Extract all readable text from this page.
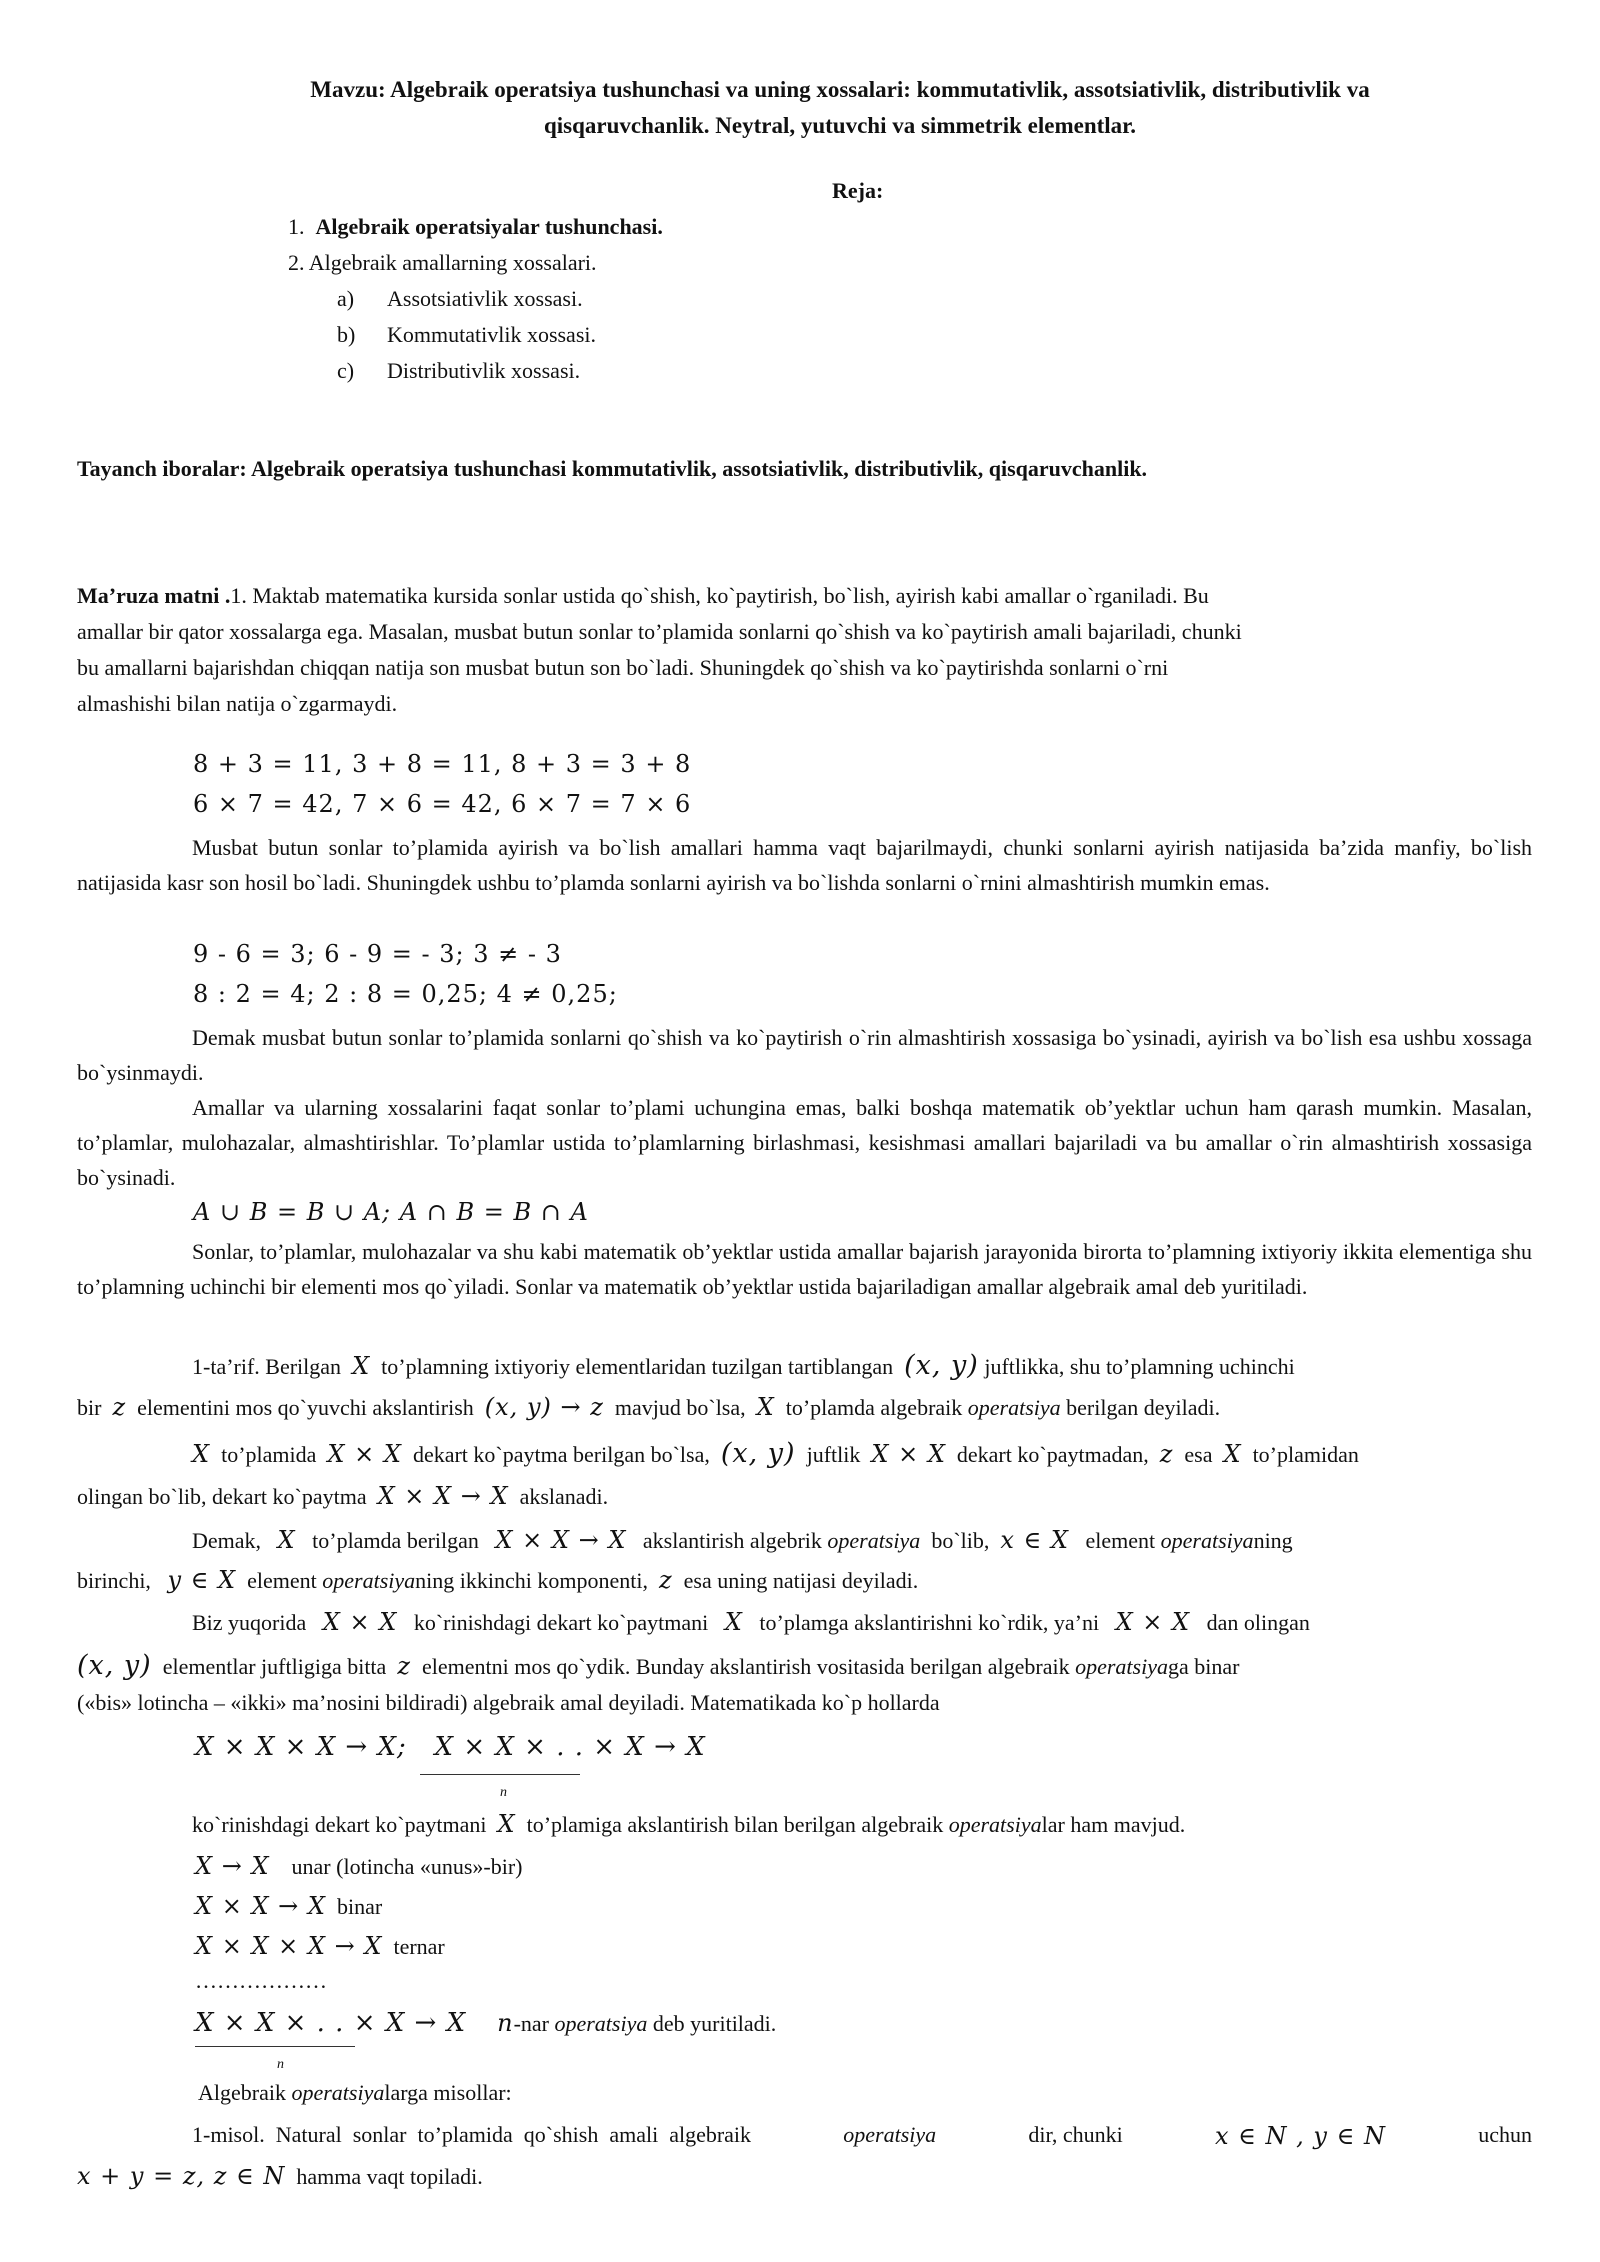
Mavzu: Algebraik operatsiya tushunchasi va uning xossalari: kommutativlik, assotsiativlik, distributivlik va
qisqaruvchanlik. Neytral, yutuvchi va simmetrik elementlar.
Reja:
1. Algebraik operatsiyalar tushunchasi.
2. Algebraik amallarning xossalari.
a) Assotsiativlik xossasi.
b) Kommutativlik xossasi.
c) Distributivlik xossasi.
Tayanch iboralar: Algebraik operatsiya tushunchasi kommutativlik, assotsiativlik, distributivlik, qisqaruvchanlik.
Ma’ruza matni .1. Maktab matematika kursida sonlar ustida qo`shish, ko`paytirish, bo`lish, ayirish kabi amallar o`rganiladi. Bu
amallar bir qator xossalarga ega. Masalan, musbat butun sonlar to’plamida sonlarni qo`shish va ko`paytirish amali bajariladi, chunki
bu amallarni bajarishdan chiqqan natija son musbat butun son bo`ladi. Shuningdek qo`shish va ko`paytirishda sonlarni o`rni
almashishi bilan natija o`zgarmaydi.
8 + 3 = 11, 3 + 8 = 11, 8 + 3 = 3 + 8
6 × 7 = 42, 7 × 6 = 42, 6 × 7 = 7 × 6
Musbat butun sonlar to’plamida ayirish va bo`lish amallari hamma vaqt bajarilmaydi, chunki sonlarni ayirish natijasida ba’zida manfiy, bo`lish natijasida kasr son hosil bo`ladi. Shuningdek ushbu to’plamda sonlarni ayirish va bo`lishda sonlarni o`rnini almashtirish mumkin emas.
9 - 6 = 3; 6 - 9 = - 3; 3 ≠ - 3
8 : 2 = 4; 2 : 8 = 0,25; 4 ≠ 0,25;
Demak musbat butun sonlar to’plamida sonlarni qo`shish va ko`paytirish o`rin almashtirish xossasiga bo`ysinadi, ayirish va bo`lish esa ushbu xossaga bo`ysinmaydi.
Amallar va ularning xossalarini faqat sonlar to’plami uchungina emas, balki boshqa matematik ob’yektlar uchun ham qarash mumkin. Masalan, to’plamlar, mulohazalar, almashtirishlar. To’plamlar ustida to’plamlarning birlashmasi, kesishmasi amallari bajariladi va bu amallar o`rin almashtirish xossasiga bo`ysinadi.
A ∪ B = B ∪ A; A ∩ B = B ∩ A
Sonlar, to’plamlar, mulohazalar va shu kabi matematik ob’yektlar ustida amallar bajarish jarayonida birorta to’plamning ixtiyoriy ikkita elementiga shu to’plamning uchinchi bir elementi mos qo`yiladi. Sonlar va matematik ob’yektlar ustida bajariladigan amallar algebraik amal deb yuritiladi.
1-ta’rif. Berilgan X to’plamning ixtiyoriy elementlaridan tuzilgan tartiblangan (x, y) juftlikka, shu to’plamning uchinchi
bir z elementini mos qo`yuvchi akslantirish (x, y) → z mavjud bo`lsa, X to’plamda algebraik operatsiya berilgan deyiladi.
X to’plamida X × X dekart ko`paytma berilgan bo`lsa, (x, y) juftlik X × X dekart ko`paytmadan, z esa X to’plamidan
olingan bo`lib, dekart ko`paytma X × X → X akslanadi.
Demak, X to’plamda berilgan X × X → X akslantirish algebrik operatsiya bo`lib, x ∈ X element operatsiyaning
birinchi, y ∈ X element operatsiyaning ikkinchi komponenti, z esa uning natijasi deyiladi.
Biz yuqorida X × X ko`rinishdagi dekart ko`paytmani X to’plamga akslantirishni ko`rdik, ya’ni X × X dan olingan
(x, y) elementlar juftligiga bitta z elementni mos qo`ydik. Bunday akslantirish vositasida berilgan algebraik operatsiyaga binar
(«bis» lotincha – «ikki» ma’nosini bildiradi) algebraik amal deyiladi. Matematikada ko`p hollarda
X × X × X → X; X × X × . . × X → X
n
ko`rinishdagi dekart ko`paytmani X to’plamiga akslantirish bilan berilgan algebraik operatsiyalar ham mavjud.
X → X unar (lotincha «unus»-bir)
X × X → X binar
X × X × X → X ternar
………………
X × X × . . × X → X n-nar operatsiya deb yuritiladi.
n
Algebraik operatsiyalarga misollar:
1-misol.  Natural  sonlar  to’plamida  qo`shish  amali  algebraik	operatsiya	dir, chunki	x ∈ N , y ∈ N	uchun
x + y = z, z ∈ N hamma vaqt topiladi.
